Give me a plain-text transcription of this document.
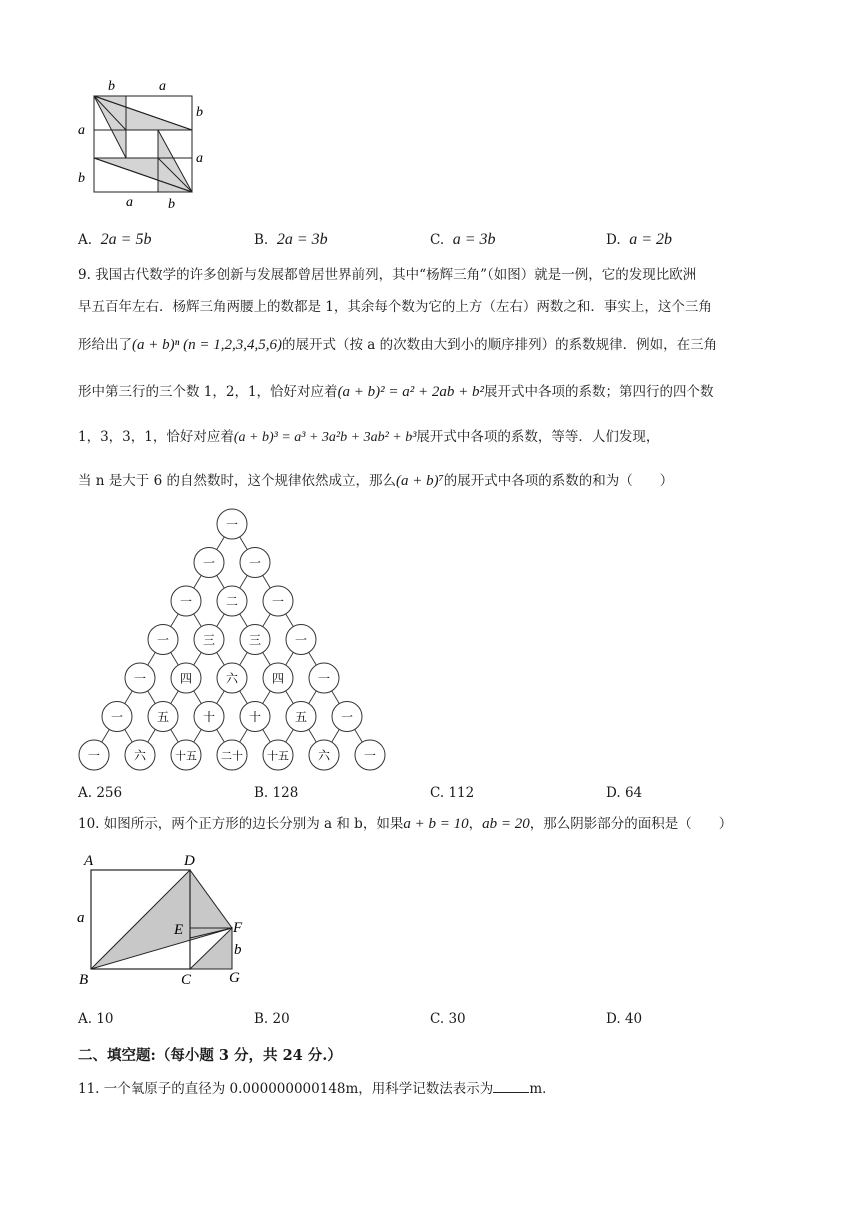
b	a
b
a
a
b
a	b
A. 2a = 5b	B. 2a = 3b	C. a = 3b	D. a = 2b
9. 我国古代数学的许多创新与发展都曾居世界前列，其中“杨辉三角”（如图）就是一例，它的发现比欧洲
早五百年左右．杨辉三角两腰上的数都是 1，其余每个数为它的上方（左右）两数之和．事实上，这个三角
形给出了(a + b)ⁿ (n = 1,2,3,4,5,6)的展开式（按 a 的次数由大到小的顺序排列）的系数规律．例如，在三角
形中第三行的三个数 1，2，1，恰好对应着(a + b)² = a² + 2ab + b²展开式中各项的系数；第四行的四个数
1，3，3，1，恰好对应着(a + b)³ = a³ + 3a²b + 3ab² + b³展开式中各项的系数，等等．人们发现，
当 n 是大于 6 的自然数时，这个规律依然成立，那么(a + b)⁷的展开式中各项的系数的和为（　　）
一
一	一
一	二	一
一	三	三	一
一	四	六	四	一
一	五	十	十	五	一
一	六	十五 二十 十五 六	一
A. 256	B. 128	C. 112	D. 64
10. 如图所示，两个正方形的边长分别为 a 和 b，如果a + b = 10，ab = 20，那么阴影部分的面积是（　　）
A	D
a
E	F
b
B	C	G
A. 10	B. 20	C. 30	D. 40
二、填空题:（每小题 3 分，共 24 分.）
11. 一个氧原子的直径为 0.000000000148m，用科学记数法表示为	m．
